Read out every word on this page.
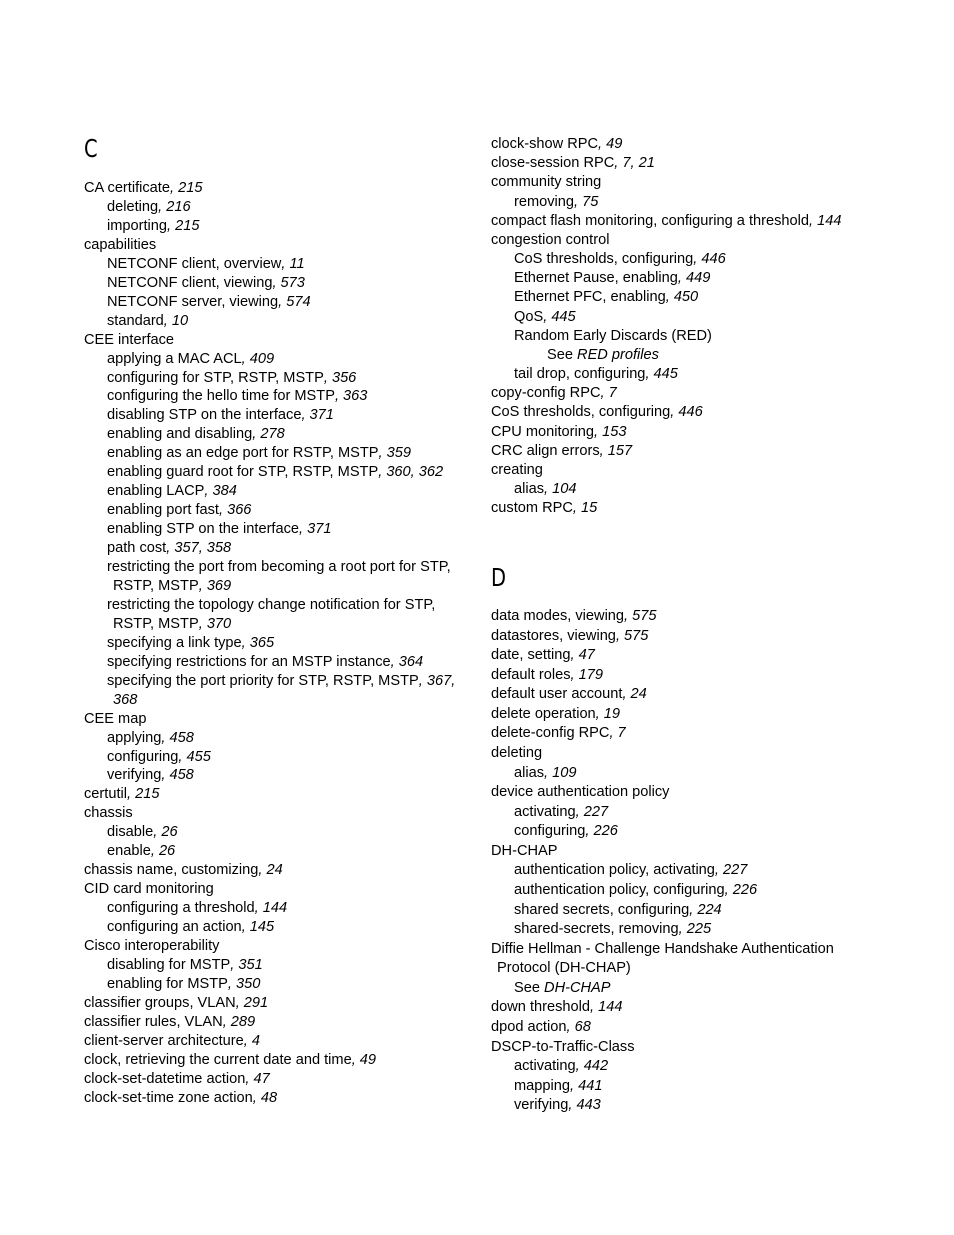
C
CA certificate, 215
deleting, 216
importing, 215
capabilities
NETCONF client, overview, 11
NETCONF client, viewing, 573
NETCONF server, viewing, 574
standard, 10
CEE interface
applying a MAC ACL, 409
configuring for STP, RSTP, MSTP, 356
configuring the hello time for MSTP, 363
disabling STP on the interface, 371
enabling and disabling, 278
enabling as an edge port for RSTP, MSTP, 359
enabling guard root for STP, RSTP, MSTP, 360, 362
enabling LACP, 384
enabling port fast, 366
enabling STP on the interface, 371
path cost, 357, 358
restricting the port from becoming a root port for STP,
RSTP, MSTP, 369
restricting the topology change notification for STP,
RSTP, MSTP, 370
specifying a link type, 365
specifying restrictions for an MSTP instance, 364
specifying the port priority for STP, RSTP, MSTP, 367,
368
CEE map
applying, 458
configuring, 455
verifying, 458
certutil, 215
chassis
disable, 26
enable, 26
chassis name, customizing, 24
CID card monitoring
configuring a threshold, 144
configuring an action, 145
Cisco interoperability
disabling for MSTP, 351
enabling for MSTP, 350
classifier groups, VLAN, 291
classifier rules, VLAN, 289
client-server architecture, 4
clock, retrieving the current date and time, 49
clock-set-datetime action, 47
clock-set-time zone action, 48
clock-show RPC, 49
close-session RPC, 7, 21
community string
removing, 75
compact flash monitoring, configuring a threshold, 144
congestion control
CoS thresholds, configuring, 446
Ethernet Pause, enabling, 449
Ethernet PFC, enabling, 450
QoS, 445
Random Early Discards (RED)
See RED profiles
tail drop, configuring, 445
copy-config RPC, 7
CoS thresholds, configuring, 446
CPU monitoring, 153
CRC align errors, 157
creating
alias, 104
custom RPC, 15
D
data modes, viewing, 575
datastores, viewing, 575
date, setting, 47
default roles, 179
default user account, 24
delete operation, 19
delete-config RPC, 7
deleting
alias, 109
device authentication policy
activating, 227
configuring, 226
DH-CHAP
authentication policy, activating, 227
authentication policy, configuring, 226
shared secrets, configuring, 224
shared-secrets, removing, 225
Diffie Hellman - Challenge Handshake Authentication
Protocol (DH-CHAP)
See DH-CHAP
down threshold, 144
dpod action, 68
DSCP-to-Traffic-Class
activating, 442
mapping, 441
verifying, 443
